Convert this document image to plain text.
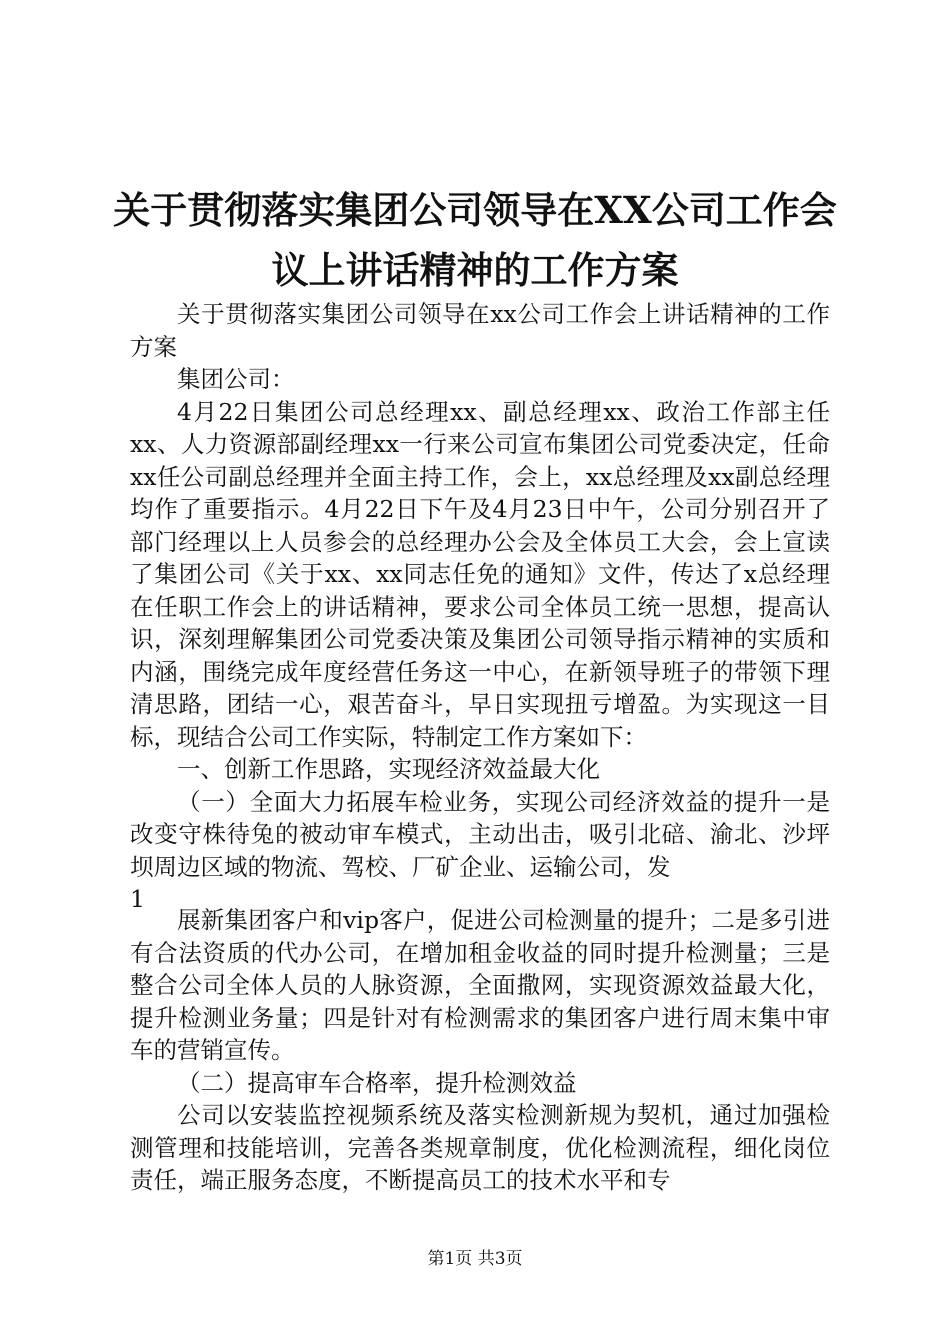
关于贯彻落实集团公司领导在XX公司工作会
议上讲话精神的工作方案

关于贯彻落实集团公司领导在xx公司工作会上讲话精神的工作方案

集团公司：

4月22日集团公司总经理xx、副总经理xx、政治工作部主任xx、人力资源部副经理xx一行来公司宣布集团公司党委决定，任命xx任公司副总经理并全面主持工作，会上，xx总经理及xx副总经理均作了重要指示。4月22日下午及4月23日中午，公司分别召开了部门经理以上人员参会的总经理办公会及全体员工大会，会上宣读了集团公司《关于xx、xx同志任免的通知》文件，传达了x总经理在任职工作会上的讲话精神，要求公司全体员工统一思想，提高认识，深刻理解集团公司党委决策及集团公司领导指示精神的实质和内涵，围绕完成年度经营任务这一中心，在新领导班子的带领下理清思路，团结一心，艰苦奋斗，早日实现扭亏增盈。为实现这一目标，现结合公司工作实际，特制定工作方案如下：

一、创新工作思路，实现经济效益最大化

（一）全面大力拓展车检业务，实现公司经济效益的提升一是改变守株待兔的被动审车模式，主动出击，吸引北碚、渝北、沙坪坝周边区域的物流、驾校、厂矿企业、运输公司，发

1

展新集团客户和vip客户，促进公司检测量的提升；二是多引进有合法资质的代办公司，在增加租金收益的同时提升检测量；三是整合公司全体人员的人脉资源，全面撒网，实现资源效益最大化，提升检测业务量；四是针对有检测需求的集团客户进行周末集中审车的营销宣传。

（二）提高审车合格率，提升检测效益

公司以安装监控视频系统及落实检测新规为契机，通过加强检测管理和技能培训，完善各类规章制度，优化检测流程，细化岗位责任，端正服务态度，不断提高员工的技术水平和专

第1页 共3页
